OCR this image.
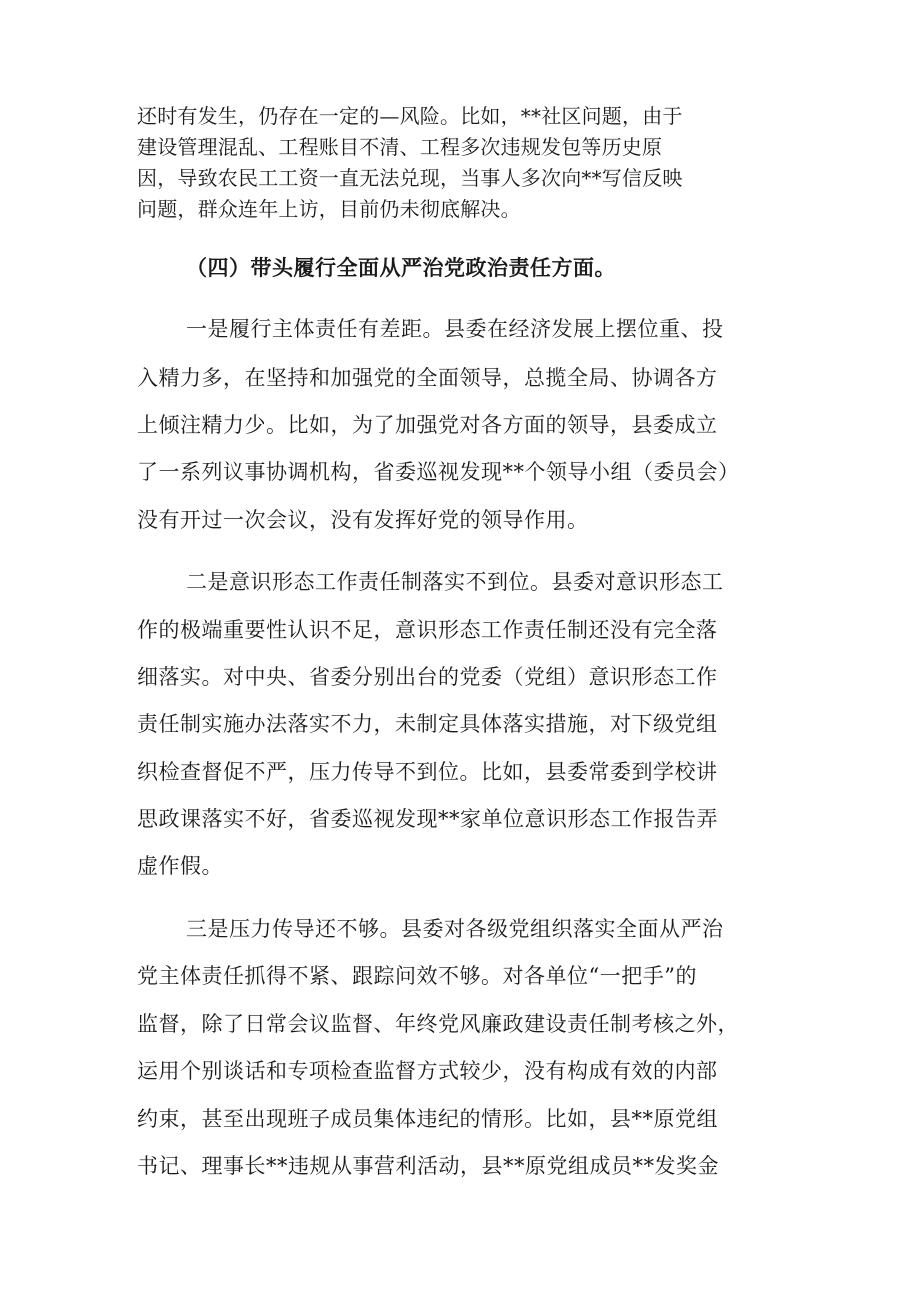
还时有发生，仍存在一定的—风险。比如，**社区问题，由于
建设管理混乱、工程账目不清、工程多次违规发包等历史原
因，导致农民工工资一直无法兑现，当事人多次向**写信反映
问题，群众连年上访，目前仍未彻底解决。
（四）带头履行全面从严治党政治责任方面。
一是履行主体责任有差距。县委在经济发展上摆位重、投
入精力多，在坚持和加强党的全面领导，总揽全局、协调各方
上倾注精力少。比如，为了加强党对各方面的领导，县委成立
了一系列议事协调机构，省委巡视发现**个领导小组（委员会）
没有开过一次会议，没有发挥好党的领导作用。
二是意识形态工作责任制落实不到位。县委对意识形态工
作的极端重要性认识不足，意识形态工作责任制还没有完全落
细落实。对中央、省委分别出台的党委（党组）意识形态工作
责任制实施办法落实不力，未制定具体落实措施，对下级党组
织检查督促不严，压力传导不到位。比如，县委常委到学校讲
思政课落实不好，省委巡视发现**家单位意识形态工作报告弄
虚作假。
三是压力传导还不够。县委对各级党组织落实全面从严治
党主体责任抓得不紧、跟踪问效不够。对各单位“一把手”的
监督，除了日常会议监督、年终党风廉政建设责任制考核之外，
运用个别谈话和专项检查监督方式较少，没有构成有效的内部
约束，甚至出现班子成员集体违纪的情形。比如，县**原党组
书记、理事长**违规从事营利活动，县**原党组成员**发奖金
